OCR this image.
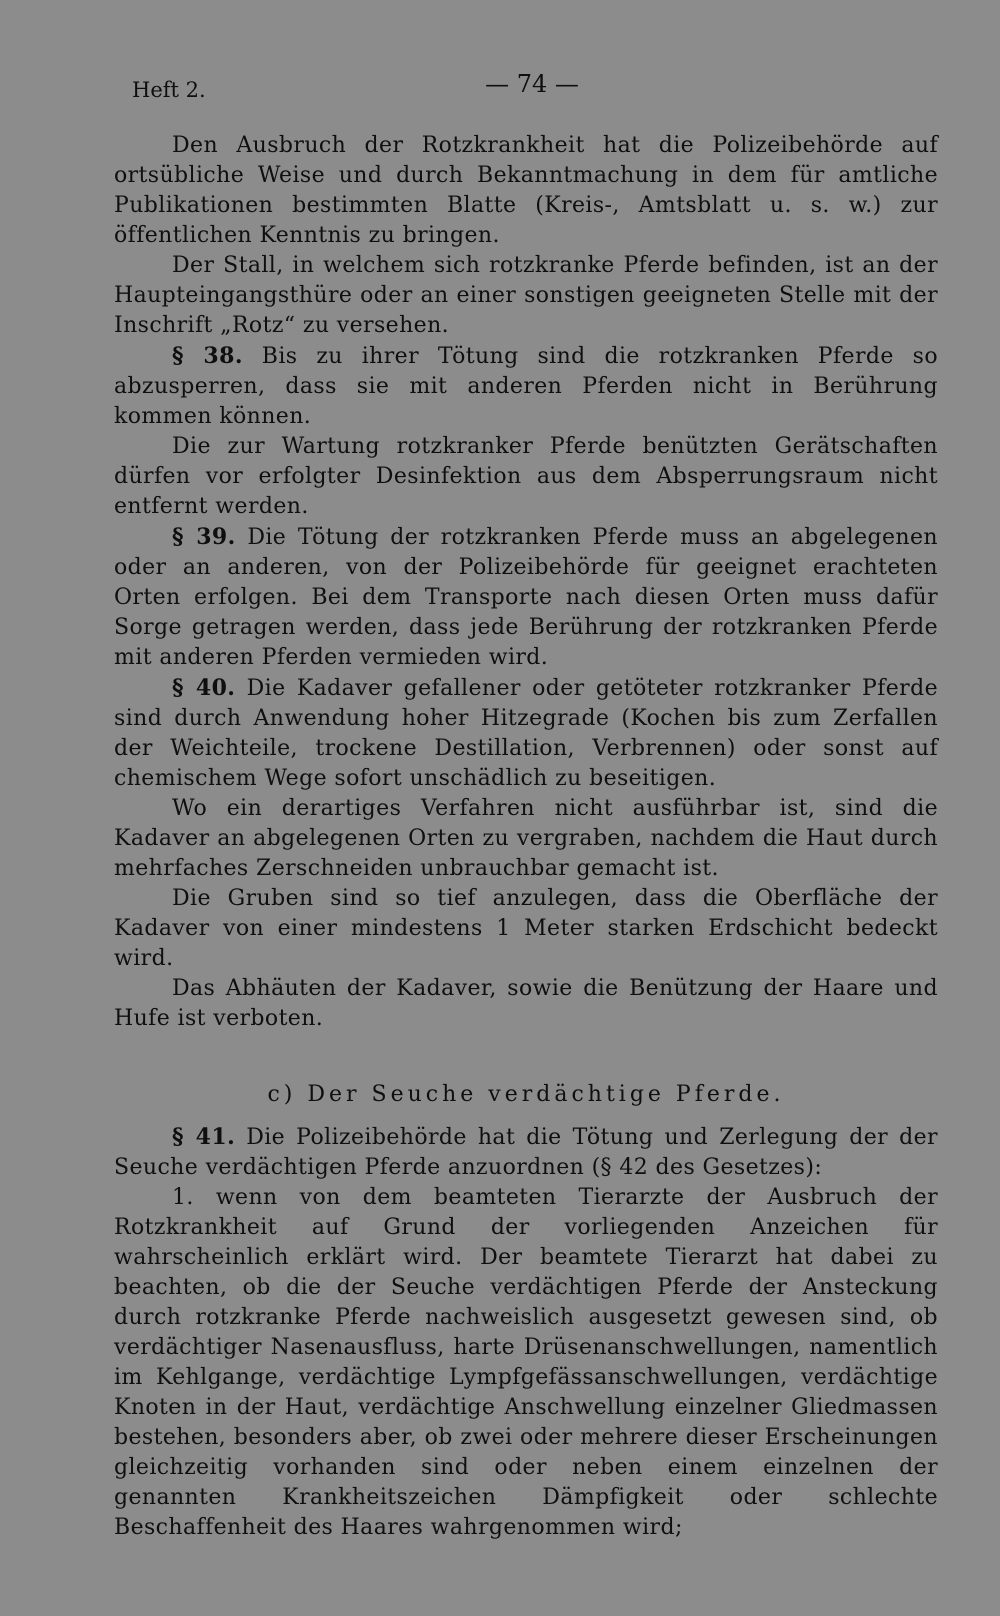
Heft 2.	— 74 —

Den Ausbruch der Rotzkrankheit hat die Polizeibehörde auf ortsübliche Weise und durch Bekanntmachung in dem für amtliche Publikationen bestimmten Blatte (Kreis-, Amtsblatt u. s. w.) zur öffentlichen Kenntnis zu bringen.

Der Stall, in welchem sich rotzkranke Pferde befinden, ist an der Haupteingangsthüre oder an einer sonstigen geeigneten Stelle mit der Inschrift „Rotz“ zu versehen.

§ 38. Bis zu ihrer Tötung sind die rotzkranken Pferde so abzusperren, dass sie mit anderen Pferden nicht in Berührung kommen können.

Die zur Wartung rotzkranker Pferde benützten Gerätschaften dürfen vor erfolgter Desinfektion aus dem Absperrungsraum nicht entfernt werden.

§ 39. Die Tötung der rotzkranken Pferde muss an abgelegenen oder an anderen, von der Polizeibehörde für geeignet erachteten Orten erfolgen. Bei dem Transporte nach diesen Orten muss dafür Sorge getragen werden, dass jede Berührung der rotzkranken Pferde mit anderen Pferden vermieden wird.

§ 40. Die Kadaver gefallener oder getöteter rotzkranker Pferde sind durch Anwendung hoher Hitzegrade (Kochen bis zum Zerfallen der Weichteile, trockene Destillation, Verbrennen) oder sonst auf chemischem Wege sofort unschädlich zu beseitigen.

Wo ein derartiges Verfahren nicht ausführbar ist, sind die Kadaver an abgelegenen Orten zu vergraben, nachdem die Haut durch mehrfaches Zerschneiden unbrauchbar gemacht ist.

Die Gruben sind so tief anzulegen, dass die Oberfläche der Kadaver von einer mindestens 1 Meter starken Erdschicht bedeckt wird.

Das Abhäuten der Kadaver, sowie die Benützung der Haare und Hufe ist verboten.

c) Der Seuche verdächtige Pferde.

§ 41. Die Polizeibehörde hat die Tötung und Zerlegung der der Seuche verdächtigen Pferde anzuordnen (§ 42 des Gesetzes):

1. wenn von dem beamteten Tierarzte der Ausbruch der Rotzkrankheit auf Grund der vorliegenden Anzeichen für wahrscheinlich erklärt wird. Der beamtete Tierarzt hat dabei zu beachten, ob die der Seuche verdächtigen Pferde der Ansteckung durch rotzkranke Pferde nachweislich ausgesetzt gewesen sind, ob verdächtiger Nasenausfluss, harte Drüsenanschwellungen, namentlich im Kehlgange, verdächtige Lympfgefässanschwellungen, verdächtige Knoten in der Haut, verdächtige Anschwellung einzelner Gliedmassen bestehen, besonders aber, ob zwei oder mehrere dieser Erscheinungen gleichzeitig vorhanden sind oder neben einem einzelnen der genannten Krankheitszeichen Dämpfigkeit oder schlechte Beschaffenheit des Haares wahrgenommen wird;
